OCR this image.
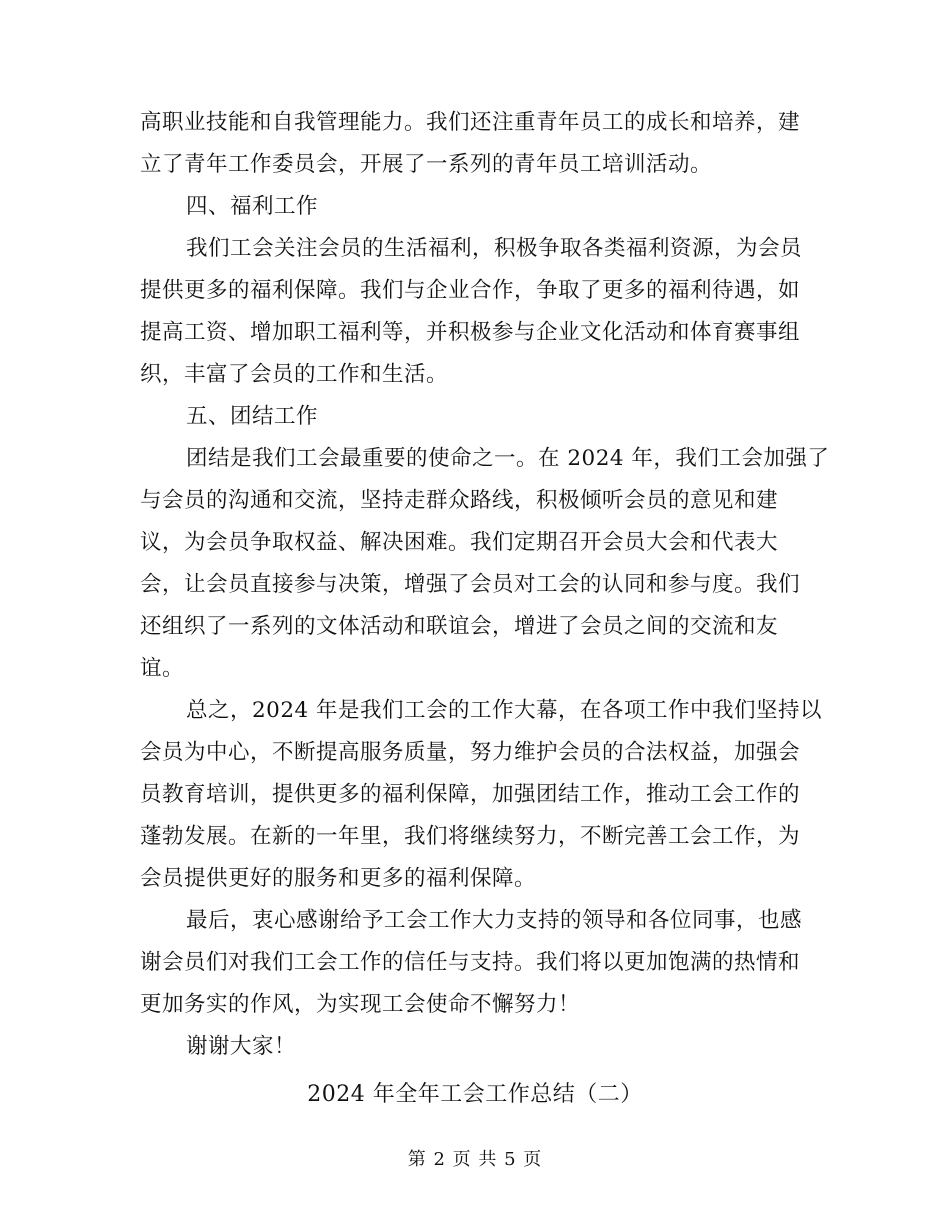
高职业技能和自我管理能力。我们还注重青年员工的成长和培养，建
立了青年工作委员会，开展了一系列的青年员工培训活动。
四、福利工作
我们工会关注会员的生活福利，积极争取各类福利资源，为会员
提供更多的福利保障。我们与企业合作，争取了更多的福利待遇，如
提高工资、增加职工福利等，并积极参与企业文化活动和体育赛事组
织，丰富了会员的工作和生活。
五、团结工作
团结是我们工会最重要的使命之一。在 2024 年，我们工会加强了
与会员的沟通和交流，坚持走群众路线，积极倾听会员的意见和建
议，为会员争取权益、解决困难。我们定期召开会员大会和代表大
会，让会员直接参与决策，增强了会员对工会的认同和参与度。我们
还组织了一系列的文体活动和联谊会，增进了会员之间的交流和友
谊。
总之，2024 年是我们工会的工作大幕，在各项工作中我们坚持以
会员为中心，不断提高服务质量，努力维护会员的合法权益，加强会
员教育培训，提供更多的福利保障，加强团结工作，推动工会工作的
蓬勃发展。在新的一年里，我们将继续努力，不断完善工会工作，为
会员提供更好的服务和更多的福利保障。
最后，衷心感谢给予工会工作大力支持的领导和各位同事，也感
谢会员们对我们工会工作的信任与支持。我们将以更加饱满的热情和
更加务实的作风，为实现工会使命不懈努力！
谢谢大家！
2024 年全年工会工作总结（二）
第 2 页 共 5 页
